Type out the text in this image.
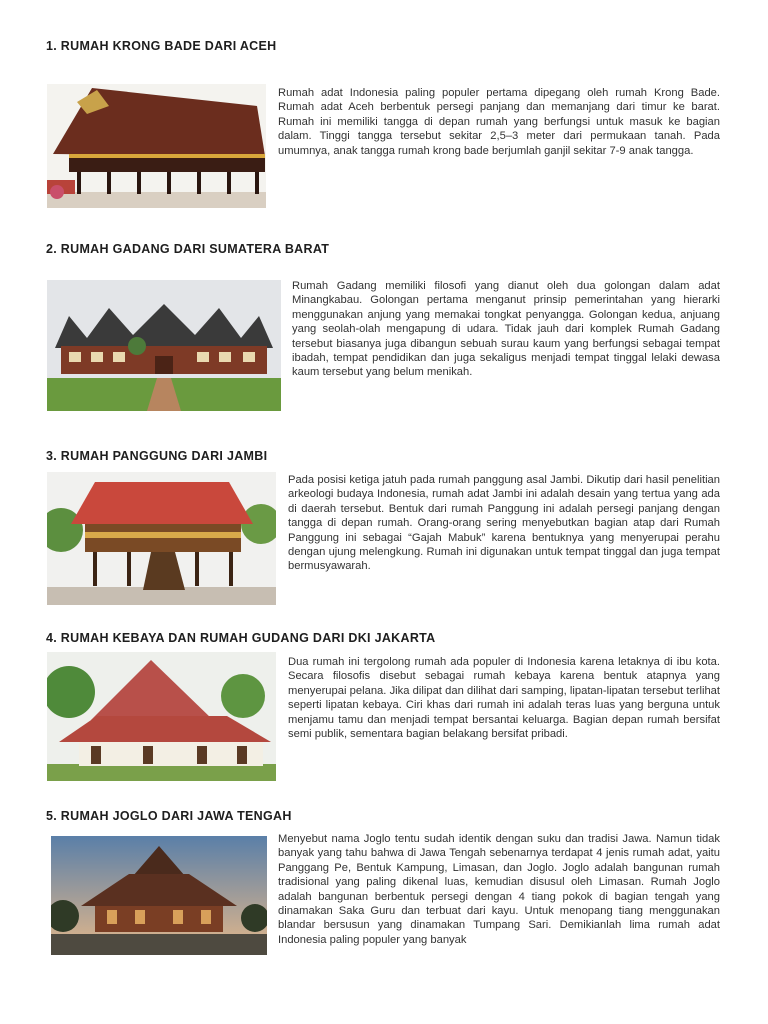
1. RUMAH KRONG BADE DARI ACEH
Rumah adat Indonesia paling populer pertama dipegang oleh rumah Krong Bade. Rumah adat Aceh berbentuk persegi panjang dan memanjang dari timur ke barat. Rumah ini memiliki tangga di depan rumah yang berfungsi untuk masuk ke bagian dalam. Tinggi tangga tersebut sekitar 2,5–3 meter dari permukaan tanah. Pada umumnya, anak tangga rumah krong bade berjumlah ganjil sekitar 7-9 anak tangga.
2. RUMAH GADANG DARI SUMATERA BARAT
Rumah Gadang memiliki filosofi yang dianut oleh dua golongan dalam adat Minangkabau. Golongan pertama menganut prinsip pemerintahan yang hierarki menggunakan anjung yang memakai tongkat penyangga. Golongan kedua, anjuang yang seolah-olah mengapung di udara. Tidak jauh dari komplek Rumah Gadang tersebut biasanya juga dibangun sebuah surau kaum yang berfungsi sebagai tempat ibadah, tempat pendidikan dan juga sekaligus menjadi tempat tinggal lelaki dewasa kaum tersebut yang belum menikah.
3. RUMAH PANGGUNG DARI JAMBI
Pada posisi ketiga jatuh pada rumah panggung asal Jambi. Dikutip dari hasil penelitian arkeologi budaya Indonesia, rumah adat Jambi ini adalah desain yang tertua yang ada di daerah tersebut. Bentuk dari rumah Panggung ini adalah persegi panjang dengan tangga di depan rumah. Orang-orang sering menyebutkan bagian atap dari Rumah Panggung ini sebagai “Gajah Mabuk” karena bentuknya yang menyerupai perahu dengan ujung melengkung. Rumah ini digunakan untuk tempat tinggal dan juga tempat bermusyawarah.
4. RUMAH KEBAYA DAN RUMAH GUDANG DARI DKI JAKARTA
Dua rumah ini tergolong rumah ada populer di Indonesia karena letaknya di ibu kota. Secara filosofis disebut sebagai rumah kebaya karena bentuk atapnya yang menyerupai pelana. Jika dilipat dan dilihat dari samping, lipatan-lipatan tersebut terlihat seperti lipatan kebaya. Ciri khas dari rumah ini adalah teras luas yang berguna untuk menjamu tamu dan menjadi tempat bersantai keluarga. Bagian depan rumah bersifat semi publik, sementara bagian belakang bersifat pribadi.
5. RUMAH JOGLO DARI JAWA TENGAH
Menyebut nama Joglo tentu sudah identik dengan suku dan tradisi Jawa. Namun tidak banyak yang tahu bahwa di Jawa Tengah sebenarnya terdapat 4 jenis rumah adat, yaitu Panggang Pe, Bentuk Kampung, Limasan, dan Joglo. Joglo adalah bangunan rumah tradisional yang paling dikenal luas, kemudian disusul oleh Limasan. Rumah Joglo adalah bangunan berbentuk persegi dengan 4 tiang pokok di bagian tengah yang dinamakan Saka Guru dan terbuat dari kayu. Untuk menopang tiang menggunakan blandar bersusun yang dinamakan Tumpang Sari. Demikianlah lima rumah adat Indonesia paling populer yang banyak
